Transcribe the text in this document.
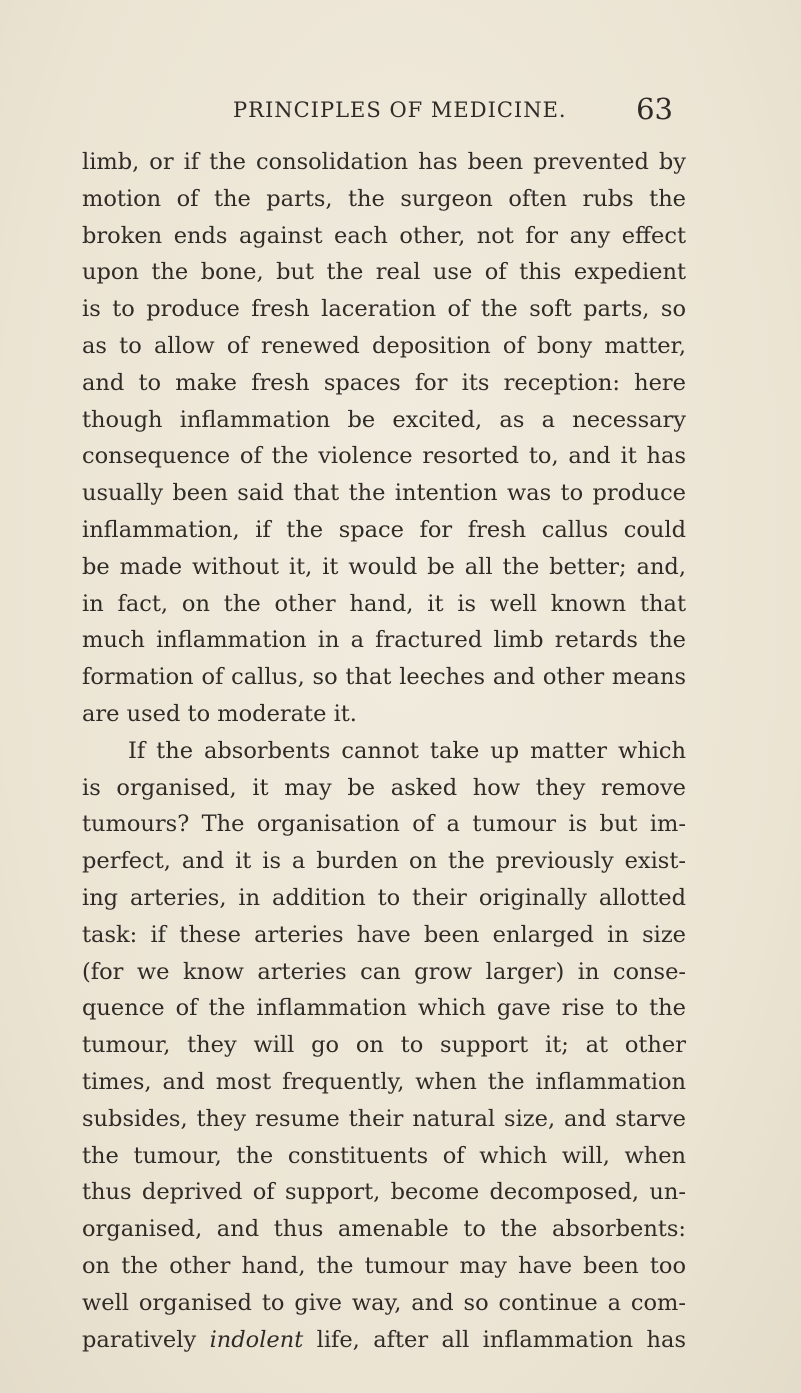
PRINCIPLES OF MEDICINE. 63
limb, or if the consolidation has been prevented by
motion of the parts, the surgeon often rubs the
broken ends against each other, not for any effect
upon the bone, but the real use of this expedient
is to produce fresh laceration of the soft parts, so
as to allow of renewed deposition of bony matter,
and to make fresh spaces for its reception: here
though inflammation be excited, as a necessary
consequence of the violence resorted to, and it has
usually been said that the intention was to produce
inflammation, if the space for fresh callus could
be made without it, it would be all the better; and,
in fact, on the other hand, it is well known that
much inflammation in a fractured limb retards the
formation of callus, so that leeches and other means
are used to moderate it.
If the absorbents cannot take up matter which
is organised, it may be asked how they remove
tumours? The organisation of a tumour is but im-
perfect, and it is a burden on the previously exist-
ing arteries, in addition to their originally allotted
task: if these arteries have been enlarged in size
(for we know arteries can grow larger) in conse-
quence of the inflammation which gave rise to the
tumour, they will go on to support it; at other
times, and most frequently, when the inflammation
subsides, they resume their natural size, and starve
the tumour, the constituents of which will, when
thus deprived of support, become decomposed, un-
organised, and thus amenable to the absorbents:
on the other hand, the tumour may have been too
well organised to give way, and so continue a com-
paratively indolent life, after all inflammation has
